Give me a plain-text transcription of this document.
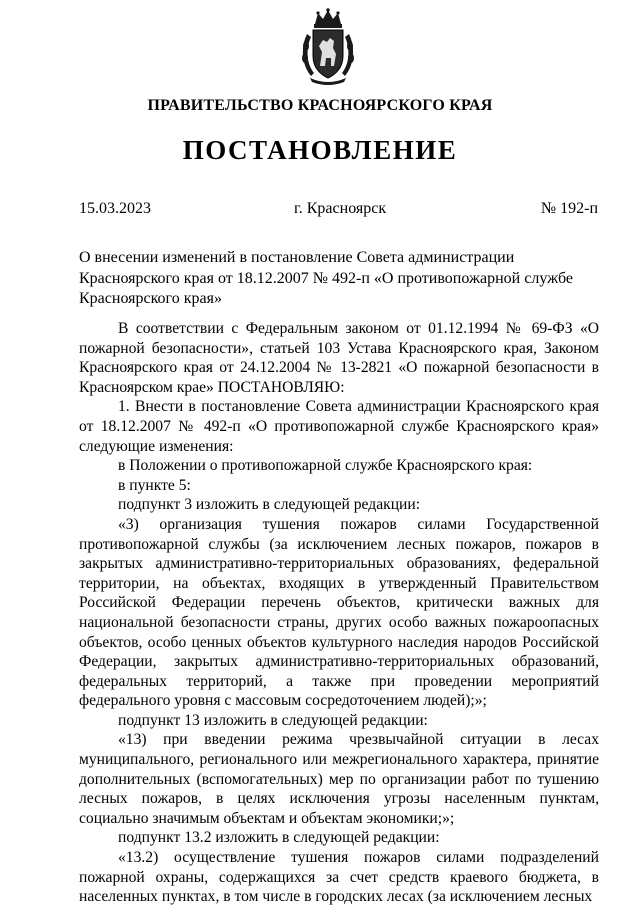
ПРАВИТЕЛЬСТВО КРАСНОЯРСКОГО КРАЯ
ПОСТАНОВЛЕНИЕ
15.03.2023	г. Красноярск	№ 192-п
О внесении изменений в постановление Совета администрации Красноярского края от 18.12.2007 № 492-п «О противопожарной службе Красноярского края»

В соответствии с Федеральным законом от 01.12.1994 № 69-ФЗ «О пожарной безопасности», статьей 103 Устава Красноярского края, Законом Красноярского края от 24.12.2004 № 13-2821 «О пожарной безопасности в Красноярском крае» ПОСТАНОВЛЯЮ:

1. Внести в постановление Совета администрации Красноярского края от 18.12.2007 № 492-п «О противопожарной службе Красноярского края» следующие изменения:

в Положении о противопожарной службе Красноярского края:

в пункте 5:

подпункт 3 изложить в следующей редакции:

«3) организация тушения пожаров силами Государственной противопожарной службы (за исключением лесных пожаров, пожаров в закрытых административно-территориальных образованиях, федеральной территории, на объектах, входящих в утвержденный Правительством Российской Федерации перечень объектов, критически важных для национальной безопасности страны, других особо важных пожароопасных объектов, особо ценных объектов культурного наследия народов Российской Федерации, закрытых административно-территориальных образований, федеральных территорий, а также при проведении мероприятий федерального уровня с массовым сосредоточением людей);»;

подпункт 13 изложить в следующей редакции:

«13) при введении режима чрезвычайной ситуации в лесах муниципального, регионального или межрегионального характера, принятие дополнительных (вспомогательных) мер по организации работ по тушению лесных пожаров, в целях исключения угрозы населенным пунктам, социально значимым объектам и объектам экономики;»;

подпункт 13.2 изложить в следующей редакции:

«13.2) осуществление тушения пожаров силами подразделений пожарной охраны, содержащихся за счет средств краевого бюджета, в населенных пунктах, в том числе в городских лесах (за исключением лесных
